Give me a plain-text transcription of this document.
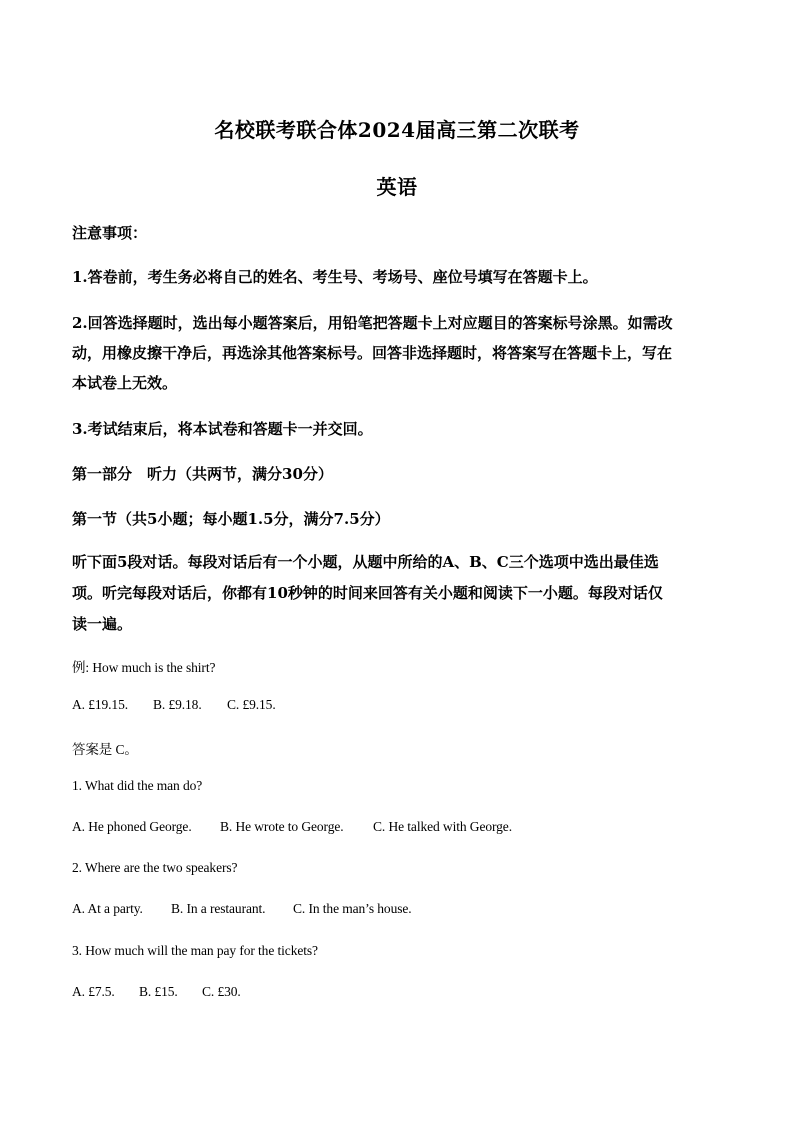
名校联考联合体2024届高三第二次联考
英语
注意事项：
1.答卷前，考生务必将自己的姓名、考生号、考场号、座位号填写在答题卡上。
2.回答选择题时，选出每小题答案后，用铅笔把答题卡上对应题目的答案标号涂黑。如需改
动，用橡皮擦干净后，再选涂其他答案标号。回答非选择题时，将答案写在答题卡上，写在
本试卷上无效。
3.考试结束后，将本试卷和答题卡一并交回。
第一部分　听力（共两节，满分30分）
第一节（共5小题；每小题1.5分，满分7.5分）
听下面5段对话。每段对话后有一个小题，从题中所给的A、B、C三个选项中选出最佳选
项。听完每段对话后，你都有10秒钟的时间来回答有关小题和阅读下一小题。每段对话仅
读一遍。
例: How much is the shirt?
A. £19.15. B. £9.18. C. £9.15.
答案是 C。
1. What did the man do?
A. He phoned George. B. He wrote to George. C. He talked with George.
2. Where are the two speakers?
A. At a party. B. In a restaurant. C. In the man’s house.
3. How much will the man pay for the tickets?
A. £7.5. B. £15. C. £30.
